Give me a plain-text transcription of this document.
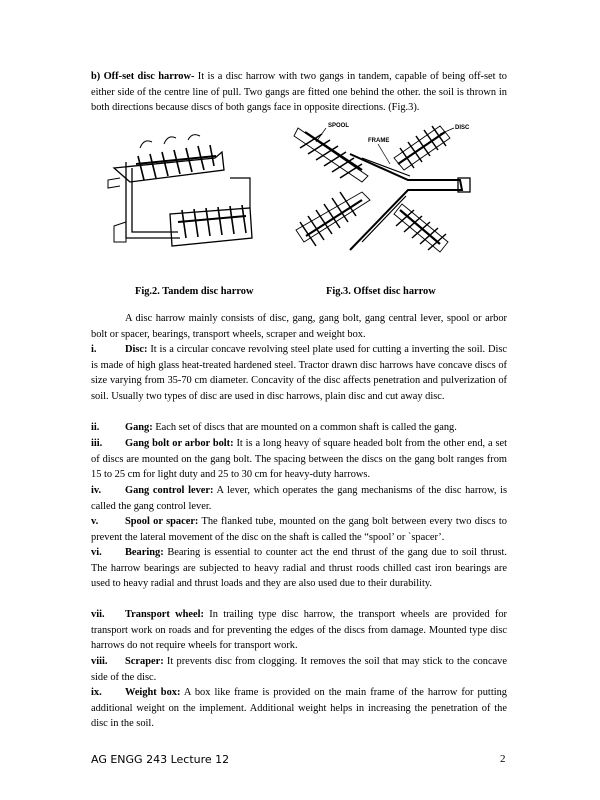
b) Off-set disc harrow- It is a disc harrow with two gangs in tandem, capable of being off-set to either side of the centre line of pull. Two gangs are fitted one behind the other. the soil is thrown in both directions because discs of both gangs face in opposite directions. (Fig.3).

SPOOL
FRAME
DISC
Fig.2. Tandem disc harrow	Fig.3. Offset disc harrow

A disc harrow mainly consists of disc, gang, gang bolt, gang central lever, spool or arbor bolt or spacer, bearings, transport wheels, scraper and weight box.

i.	Disc: It is a circular concave revolving steel plate used for cutting a inverting the soil. Disc is made of high glass heat-treated hardened steel. Tractor drawn disc harrows have concave discs of size varying from 35-70 cm diameter. Concavity of the disc affects penetration and pulverization of soil. Usually two types of disc are used in disc harrows, plain disc and cut away disc.

ii. Gang: Each set of discs that are mounted on a common shaft is called the gang.

iii. Gang bolt or arbor bolt: It is a long heavy of square headed bolt from the other end, a set of discs are mounted on the gang bolt. The spacing between the discs on the gang bolt ranges from 15 to 25 cm for light duty and 25 to 30 cm for heavy-duty harrows.

iv. Gang control lever: A lever, which operates the gang mechanisms of the disc harrow, is called the gang control lever.

v.	Spool or spacer: The flanked tube, mounted on the gang bolt between every two discs to prevent the lateral movement of the disc on the shaft is called the “spool’ or `spacer’.

vi. Bearing: Bearing is essential to counter act the end thrust of the gang due to soil thrust. The harrow bearings are subjected to heavy radial and thrust roods chilled cast iron bearings are used to heavy radial and thrust loads and they are also used due to their durability.

vii. Transport wheel: In trailing type disc harrow, the transport wheels are provided for transport work on roads and for preventing the edges of the discs from damage. Mounted type disc harrows do not require wheels for transport work.

viii. Scraper: It prevents disc from clogging. It removes the soil that may stick to the concave side of the disc.

ix. Weight box: A box like frame is provided on the main frame of the harrow for putting additional weight on the implement. Additional weight helps in increasing the penetration of the disc in the soil.

AG ENGG 243 Lecture 12	2
